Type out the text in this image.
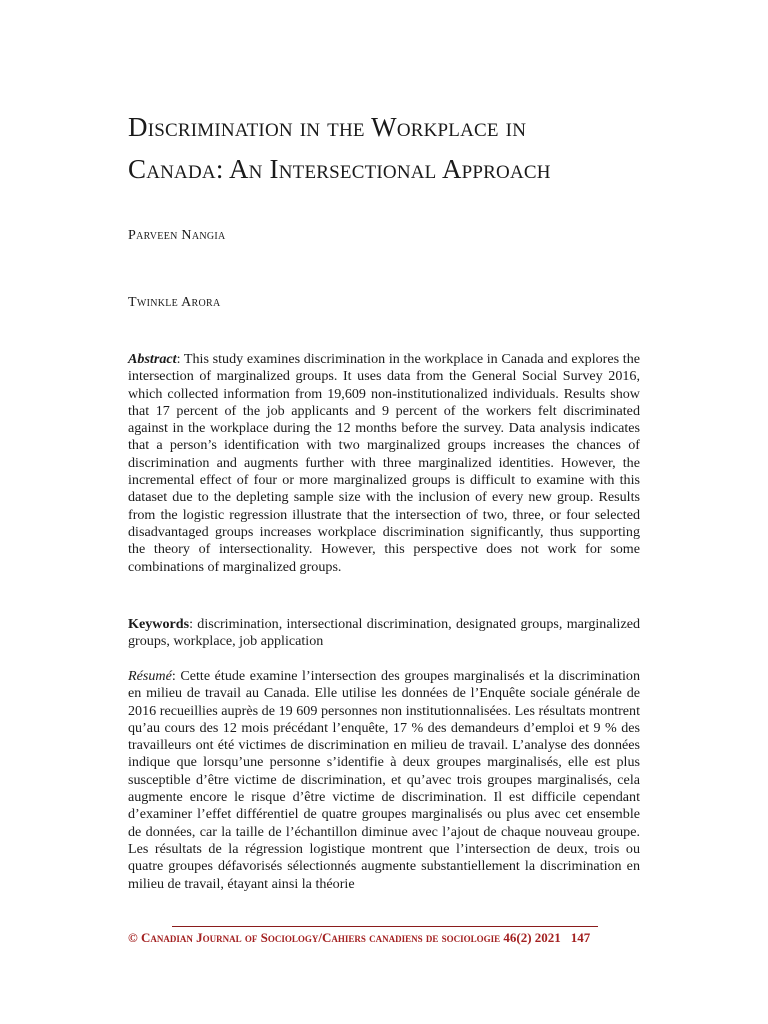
Discrimination in the Workplace in
Canada: An Intersectional Approach

Parveen Nangia

Twinkle Arora

Abstract: This study examines discrimination in the workplace in Canada and explores the intersection of marginalized groups. It uses data from the General Social Survey 2016, which collected information from 19,609 non-institutionalized individuals. Results show that 17 percent of the job applicants and 9 percent of the workers felt discriminated against in the workplace during the 12 months before the survey. Data analysis indicates that a person’s identification with two marginalized groups increases the chances of discrimination and augments further with three marginalized identities. However, the incremental effect of four or more marginalized groups is difficult to examine with this dataset due to the depleting sample size with the inclusion of every new group. Results from the logistic regression illustrate that the intersection of two, three, or four selected disadvantaged groups increases workplace discrimination significantly, thus supporting the theory of intersectionality. However, this perspective does not work for some combinations of marginalized groups.

Keywords: discrimination, intersectional discrimination, designated groups, marginalized groups, workplace, job application

Résumé: Cette étude examine l’intersection des groupes marginalisés et la discrimination en milieu de travail au Canada. Elle utilise les données de l’Enquête sociale générale de 2016 recueillies auprès de 19 609 personnes non institutionnalisées. Les résultats montrent qu’au cours des 12 mois précédant l’enquête, 17 % des demandeurs d’emploi et 9 % des travailleurs ont été victimes de discrimination en milieu de travail. L’analyse des données indique que lorsqu’une personne s’identifie à deux groupes marginalisés, elle est plus susceptible d’être victime de discrimination, et qu’avec trois groupes marginalisés, cela augmente encore le risque d’être victime de discrimination. Il est difficile cependant d’examiner l’effet différentiel de quatre groupes marginalisés ou plus avec cet ensemble de données, car la taille de l’échantillon diminue avec l’ajout de chaque nouveau groupe. Les résultats de la régression logistique montrent que l’intersection de deux, trois ou quatre groupes défavorisés sélectionnés augmente substantiellement la discrimination en milieu de travail, étayant ainsi la théorie

© Canadian Journal of Sociology/Cahiers canadiens de sociologie 46(2) 2021 147
